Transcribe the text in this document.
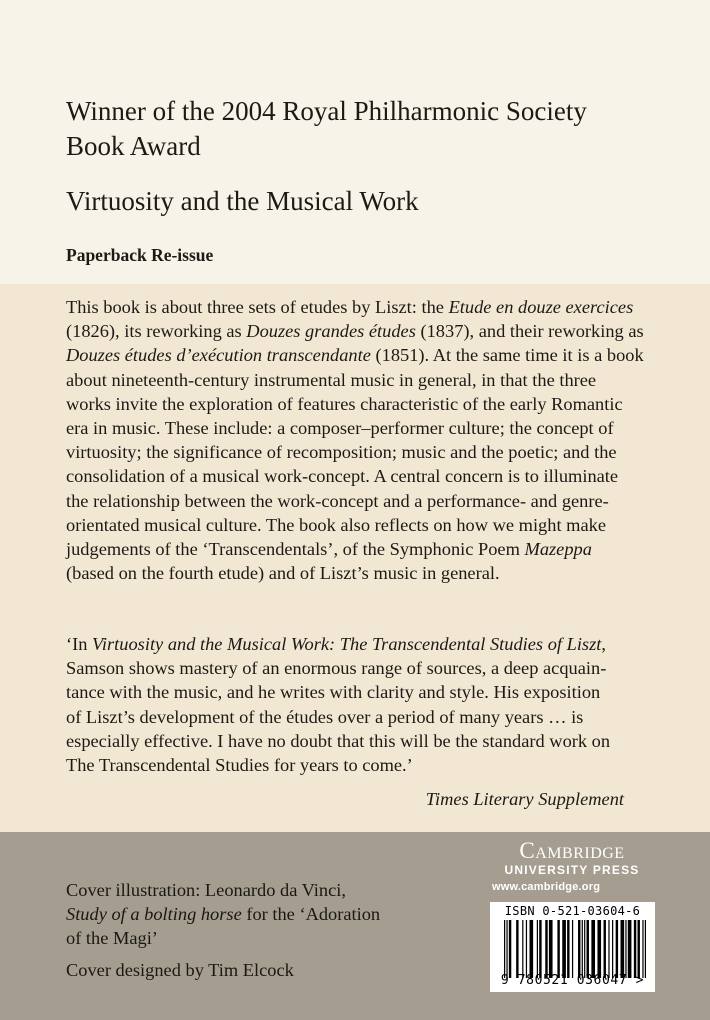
Winner of the 2004 Royal Philharmonic Society
Book Award
Virtuosity and the Musical Work
Paperback Re-issue

This book is about three sets of etudes by Liszt: the Etude en douze exercices
(1826), its reworking as Douzes grandes études (1837), and their reworking as
Douzes études d’exécution transcendante (1851). At the same time it is a book
about nineteenth-century instrumental music in general, in that the three
works invite the exploration of features characteristic of the early Romantic
era in music. These include: a composer–performer culture; the concept of
virtuosity; the significance of recomposition; music and the poetic; and the
consolidation of a musical work-concept. A central concern is to illuminate
the relationship between the work-concept and a performance- and genre-
orientated musical culture. The book also reflects on how we might make
judgements of the ‘Transcendentals’, of the Symphonic Poem Mazeppa
(based on the fourth etude) and of Liszt’s music in general.

‘In Virtuosity and the Musical Work: The Transcendental Studies of Liszt,
Samson shows mastery of an enormous range of sources, a deep acquain-
tance with the music, and he writes with clarity and style. His exposition
of Liszt’s development of the études over a period of many years … is
especially effective. I have no doubt that this will be the standard work on
The Transcendental Studies for years to come.’

Times Literary Supplement

Cover illustration: Leonardo da Vinci,
Study of a bolting horse for the ‘Adoration
of the Magi’

Cover designed by Tim Elcock
Cambridge
UNIVERSITY PRESS
www.cambridge.org
ISBN 0-521-03604-6
9 780521 036047 >
